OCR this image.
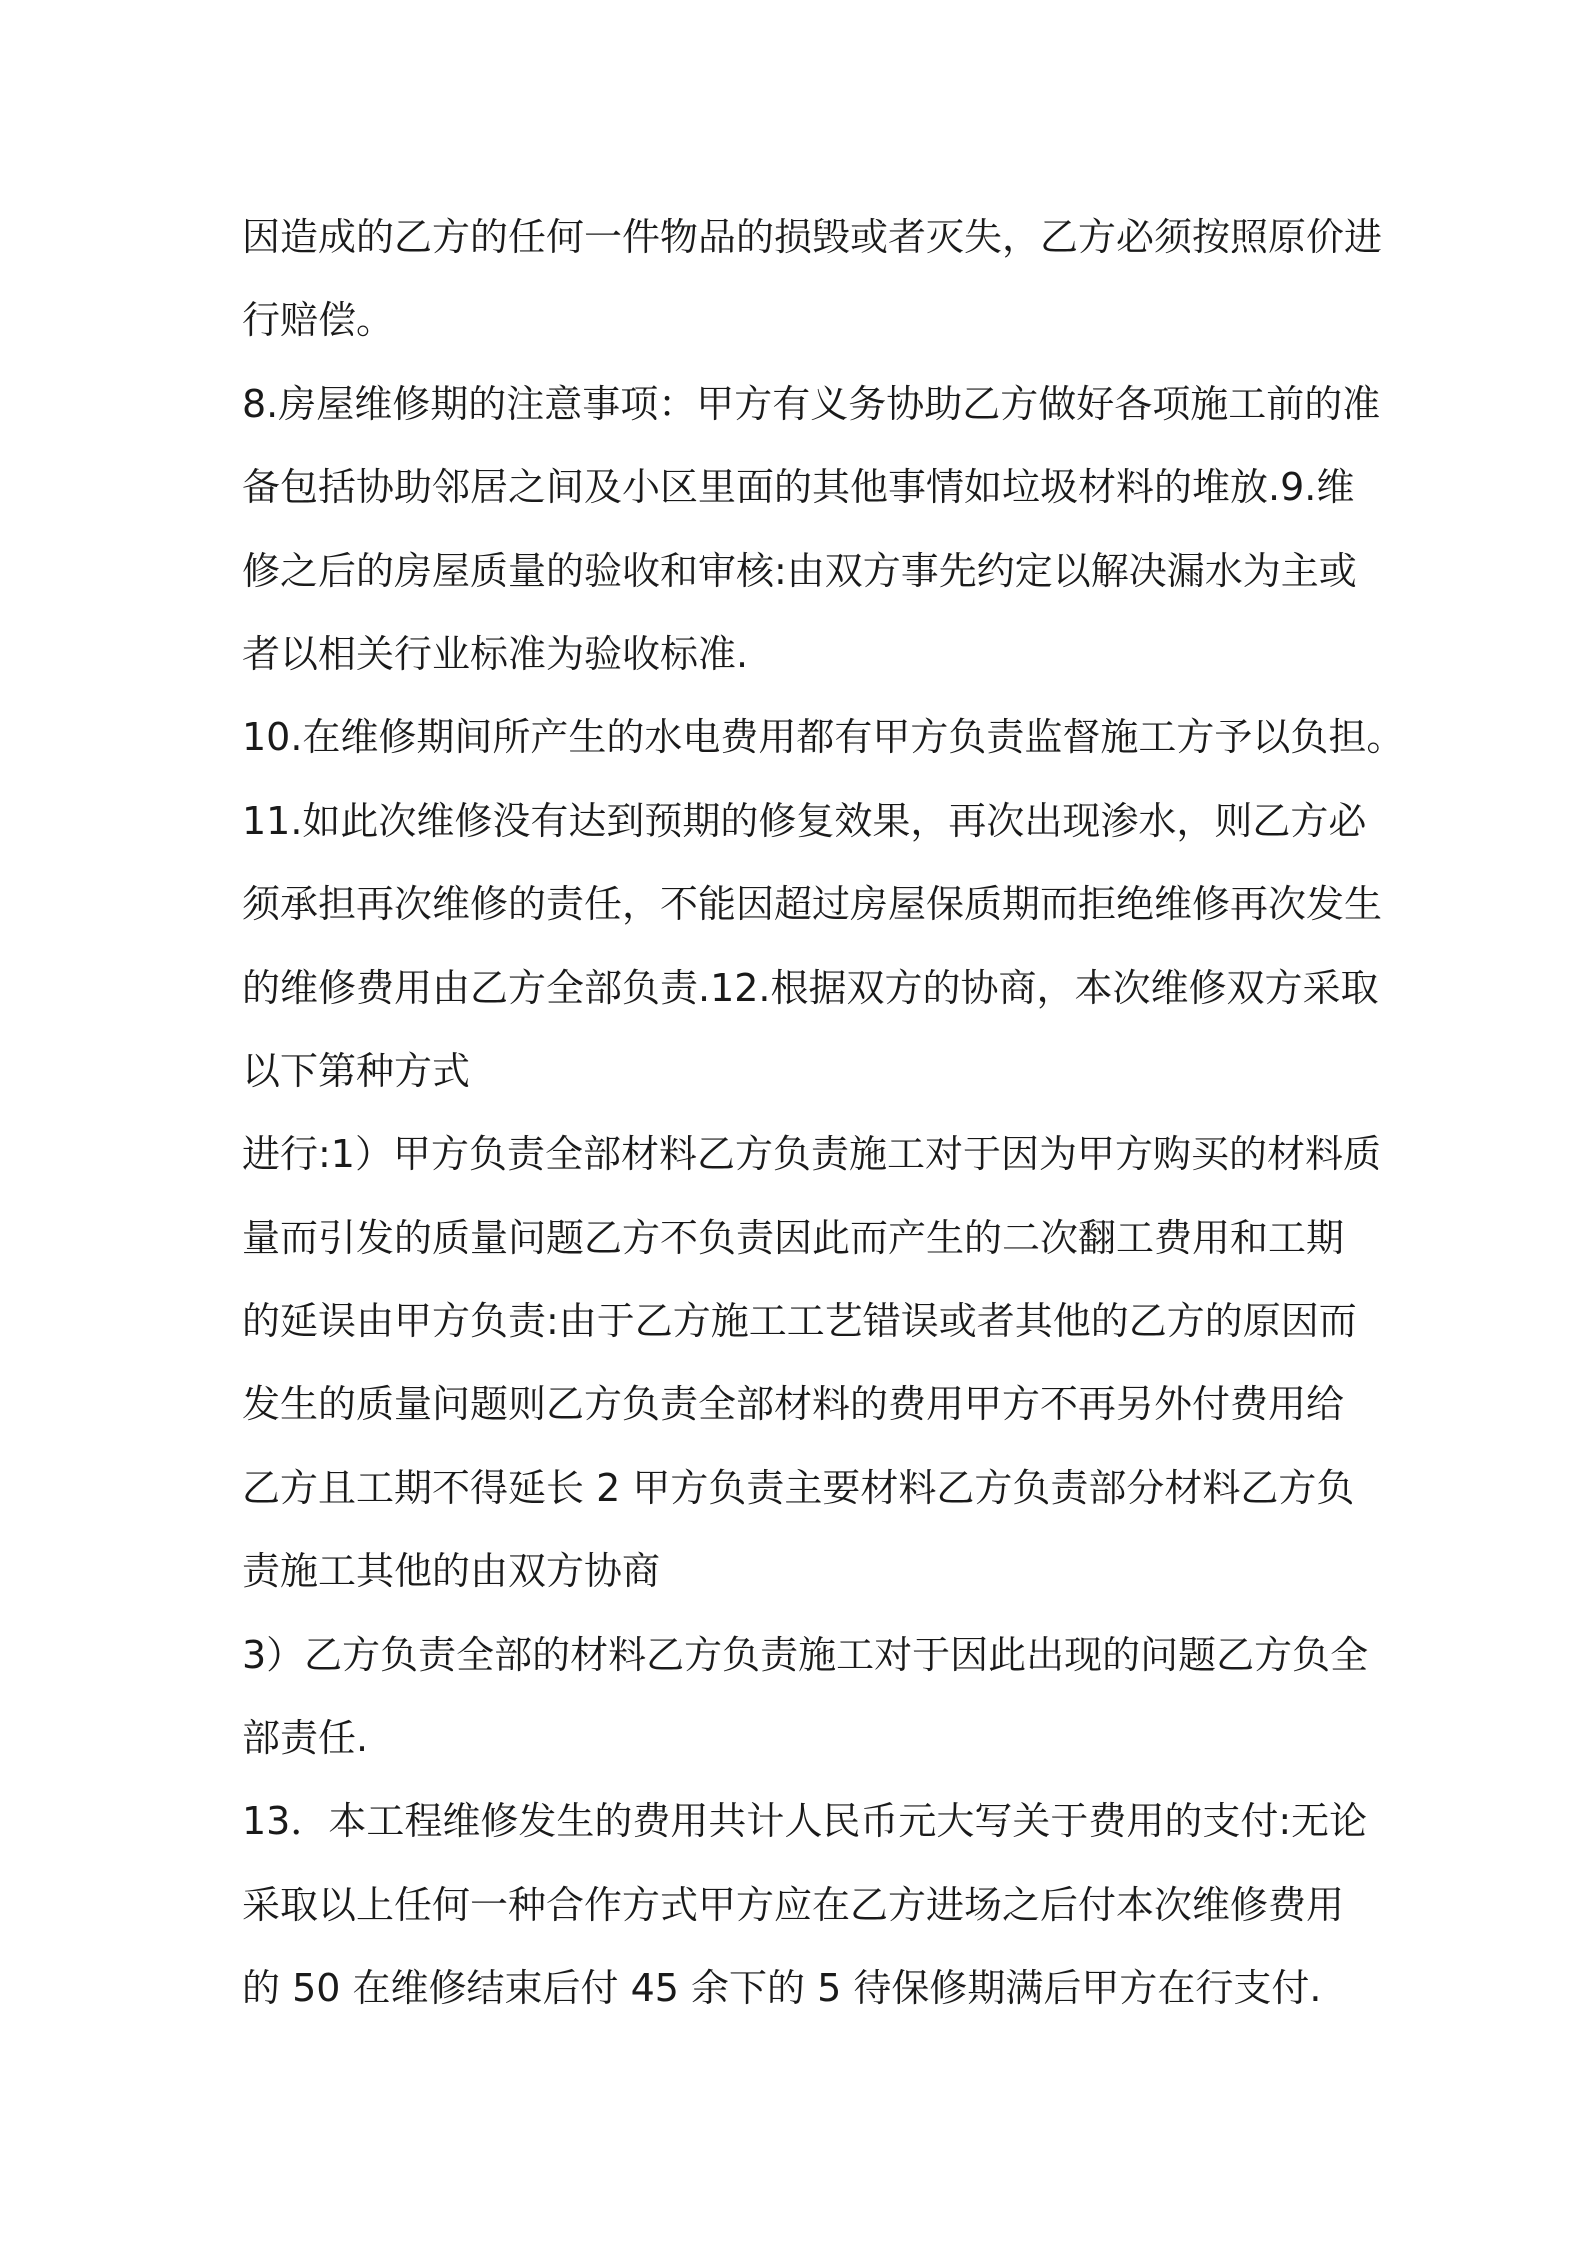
因造成的乙方的任何一件物品的损毁或者灭失，乙方必须按照原价进
行赔偿。
8.房屋维修期的注意事项：甲方有义务协助乙方做好各项施工前的准
备包括协助邻居之间及小区里面的其他事情如垃圾材料的堆放.9.维
修之后的房屋质量的验收和审核:由双方事先约定以解决漏水为主或
者以相关行业标准为验收标准.
10.在维修期间所产生的水电费用都有甲方负责监督施工方予以负担。
11.如此次维修没有达到预期的修复效果，再次出现渗水，则乙方必
须承担再次维修的责任，不能因超过房屋保质期而拒绝维修再次发生
的维修费用由乙方全部负责.12.根据双方的协商，本次维修双方采取
以下第种方式
进行:1）甲方负责全部材料乙方负责施工对于因为甲方购买的材料质
量而引发的质量问题乙方不负责因此而产生的二次翻工费用和工期
的延误由甲方负责:由于乙方施工工艺错误或者其他的乙方的原因而
发生的质量问题则乙方负责全部材料的费用甲方不再另外付费用给
乙方且工期不得延长 2 甲方负责主要材料乙方负责部分材料乙方负
责施工其他的由双方协商
3）乙方负责全部的材料乙方负责施工对于因此出现的问题乙方负全
部责任.
13．本工程维修发生的费用共计人民币元大写关于费用的支付:无论
采取以上任何一种合作方式甲方应在乙方进场之后付本次维修费用
的 50 在维修结束后付 45 余下的 5 待保修期满后甲方在行支付.
